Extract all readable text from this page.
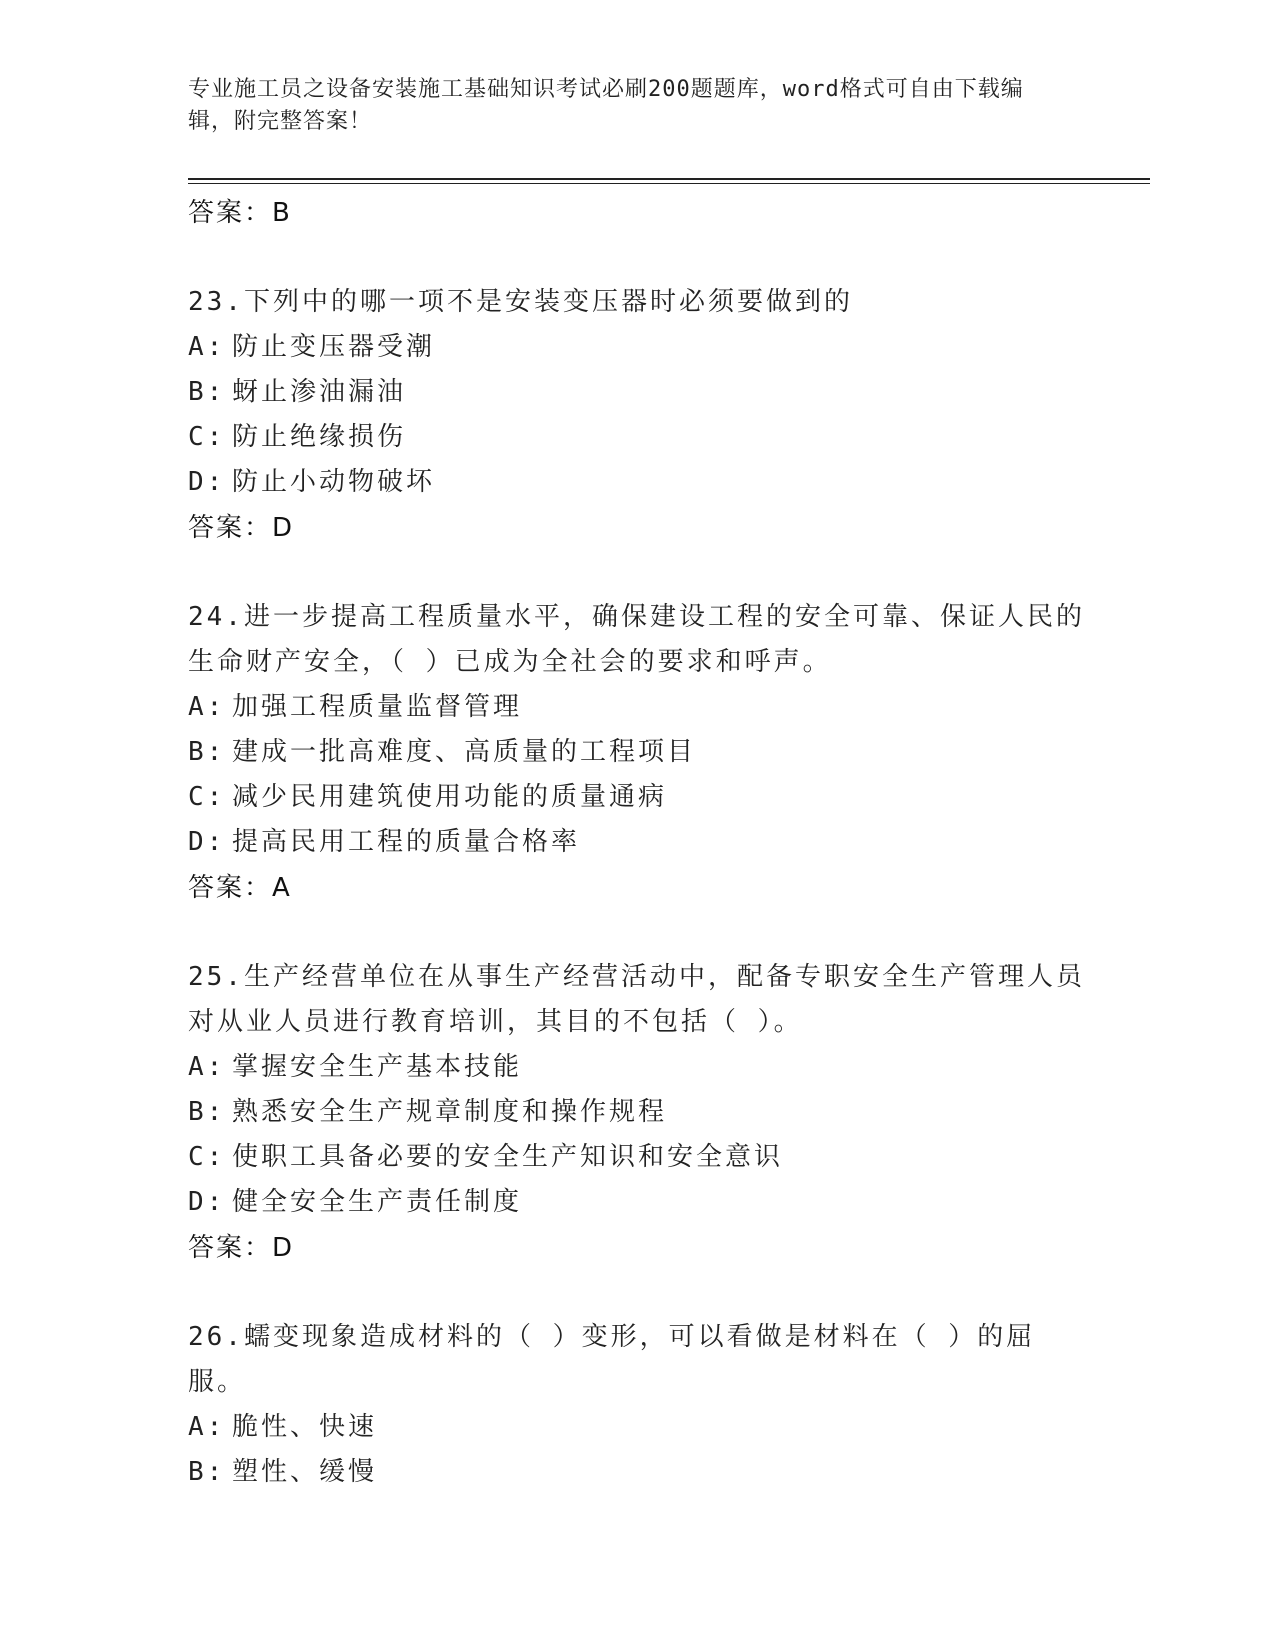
专业施工员之设备安装施工基础知识考试必刷200题题库，word格式可自由下载编辑，附完整答案！
答案：B
23.下列中的哪一项不是安装变压器时必须要做到的
A: 防止变压器受潮
B: 蚜止渗油漏油
C: 防止绝缘损伤
D: 防止小动物破坏
答案：D
24.进一步提高工程质量水平，确保建设工程的安全可靠、保证人民的生命财产安全，（ ）已成为全社会的要求和呼声。
A: 加强工程质量监督管理
B: 建成一批高难度、高质量的工程项目
C: 减少民用建筑使用功能的质量通病
D: 提高民用工程的质量合格率
答案：A
25.生产经营单位在从事生产经营活动中，配备专职安全生产管理人员对从业人员进行教育培训，其目的不包括（ ）。
A: 掌握安全生产基本技能
B: 熟悉安全生产规章制度和操作规程
C: 使职工具备必要的安全生产知识和安全意识
D: 健全安全生产责任制度
答案：D
26.蠕变现象造成材料的（ ）变形，可以看做是材料在（ ）的屈服。
A: 脆性、快速
B: 塑性、缓慢
